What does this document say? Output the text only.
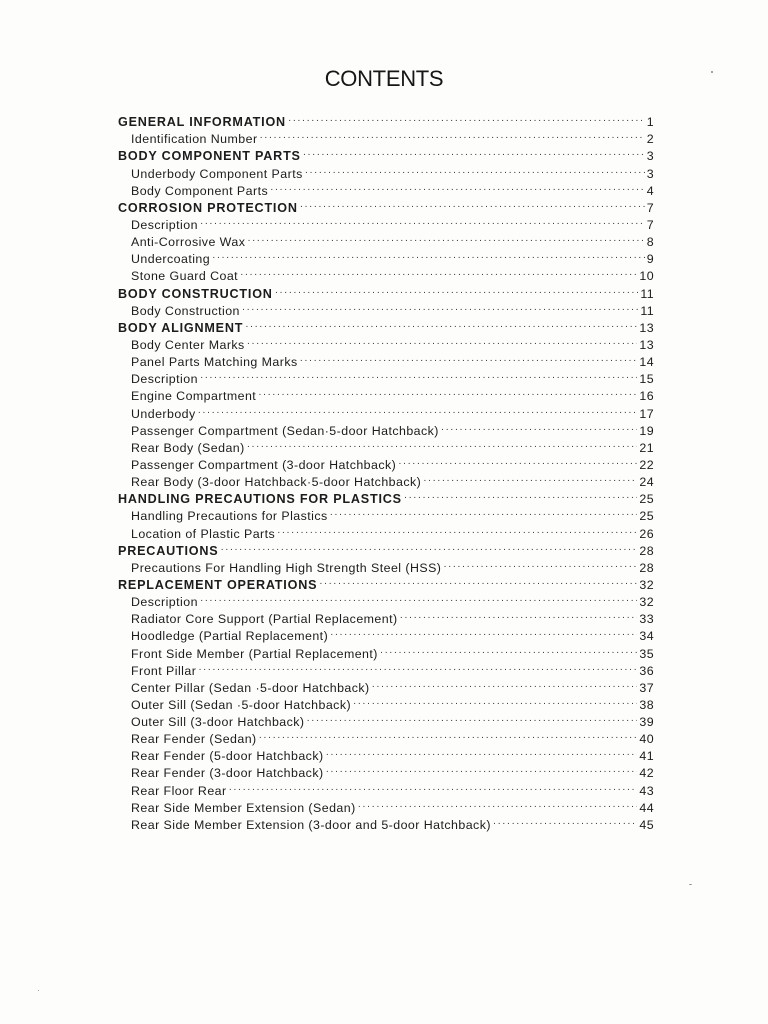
CONTENTS
GENERAL INFORMATION ·····	1
Identification Number ·····	2
BODY COMPONENT PARTS ·····	3
Underbody Component Parts ·····	3
Body Component Parts ·····	4
CORROSION PROTECTION ·····	7
Description ·····	7
Anti-Corrosive Wax ·····	8
Undercoating ·····	9
Stone Guard Coat ·····	10
BODY CONSTRUCTION ·····	11
Body Construction ·····	11
BODY ALIGNMENT ·····	13
Body Center Marks ·····	13
Panel Parts Matching Marks ·····	14
Description ·····	15
Engine Compartment ·····	16
Underbody ·····	17
Passenger Compartment (Sedan·5-door Hatchback) ·····	19
Rear Body (Sedan) ·····	21
Passenger Compartment (3-door Hatchback) ·····	22
Rear Body (3-door Hatchback·5-door Hatchback) ·····	24
HANDLING PRECAUTIONS FOR PLASTICS ·····	25
Handling Precautions for Plastics ·····	25
Location of Plastic Parts ·····	26
PRECAUTIONS ·····	28
Precautions For Handling High Strength Steel (HSS) ·····	28
REPLACEMENT OPERATIONS ·····	32
Description ·····	32
Radiator Core Support (Partial Replacement) ·····	33
Hoodledge (Partial Replacement) ·····	34
Front Side Member (Partial Replacement) ·····	35
Front Pillar ·····	36
Center Pillar (Sedan ·5-door Hatchback) ·····	37
Outer Sill (Sedan ·5-door Hatchback) ·····	38
Outer Sill (3-door Hatchback) ·····	39
Rear Fender (Sedan) ·····	40
Rear Fender (5-door Hatchback) ·····	41
Rear Fender (3-door Hatchback) ·····	42
Rear Floor Rear ·····	43
Rear Side Member Extension (Sedan) ·····	44
Rear Side Member Extension (3-door and 5-door Hatchback) ·····	45
